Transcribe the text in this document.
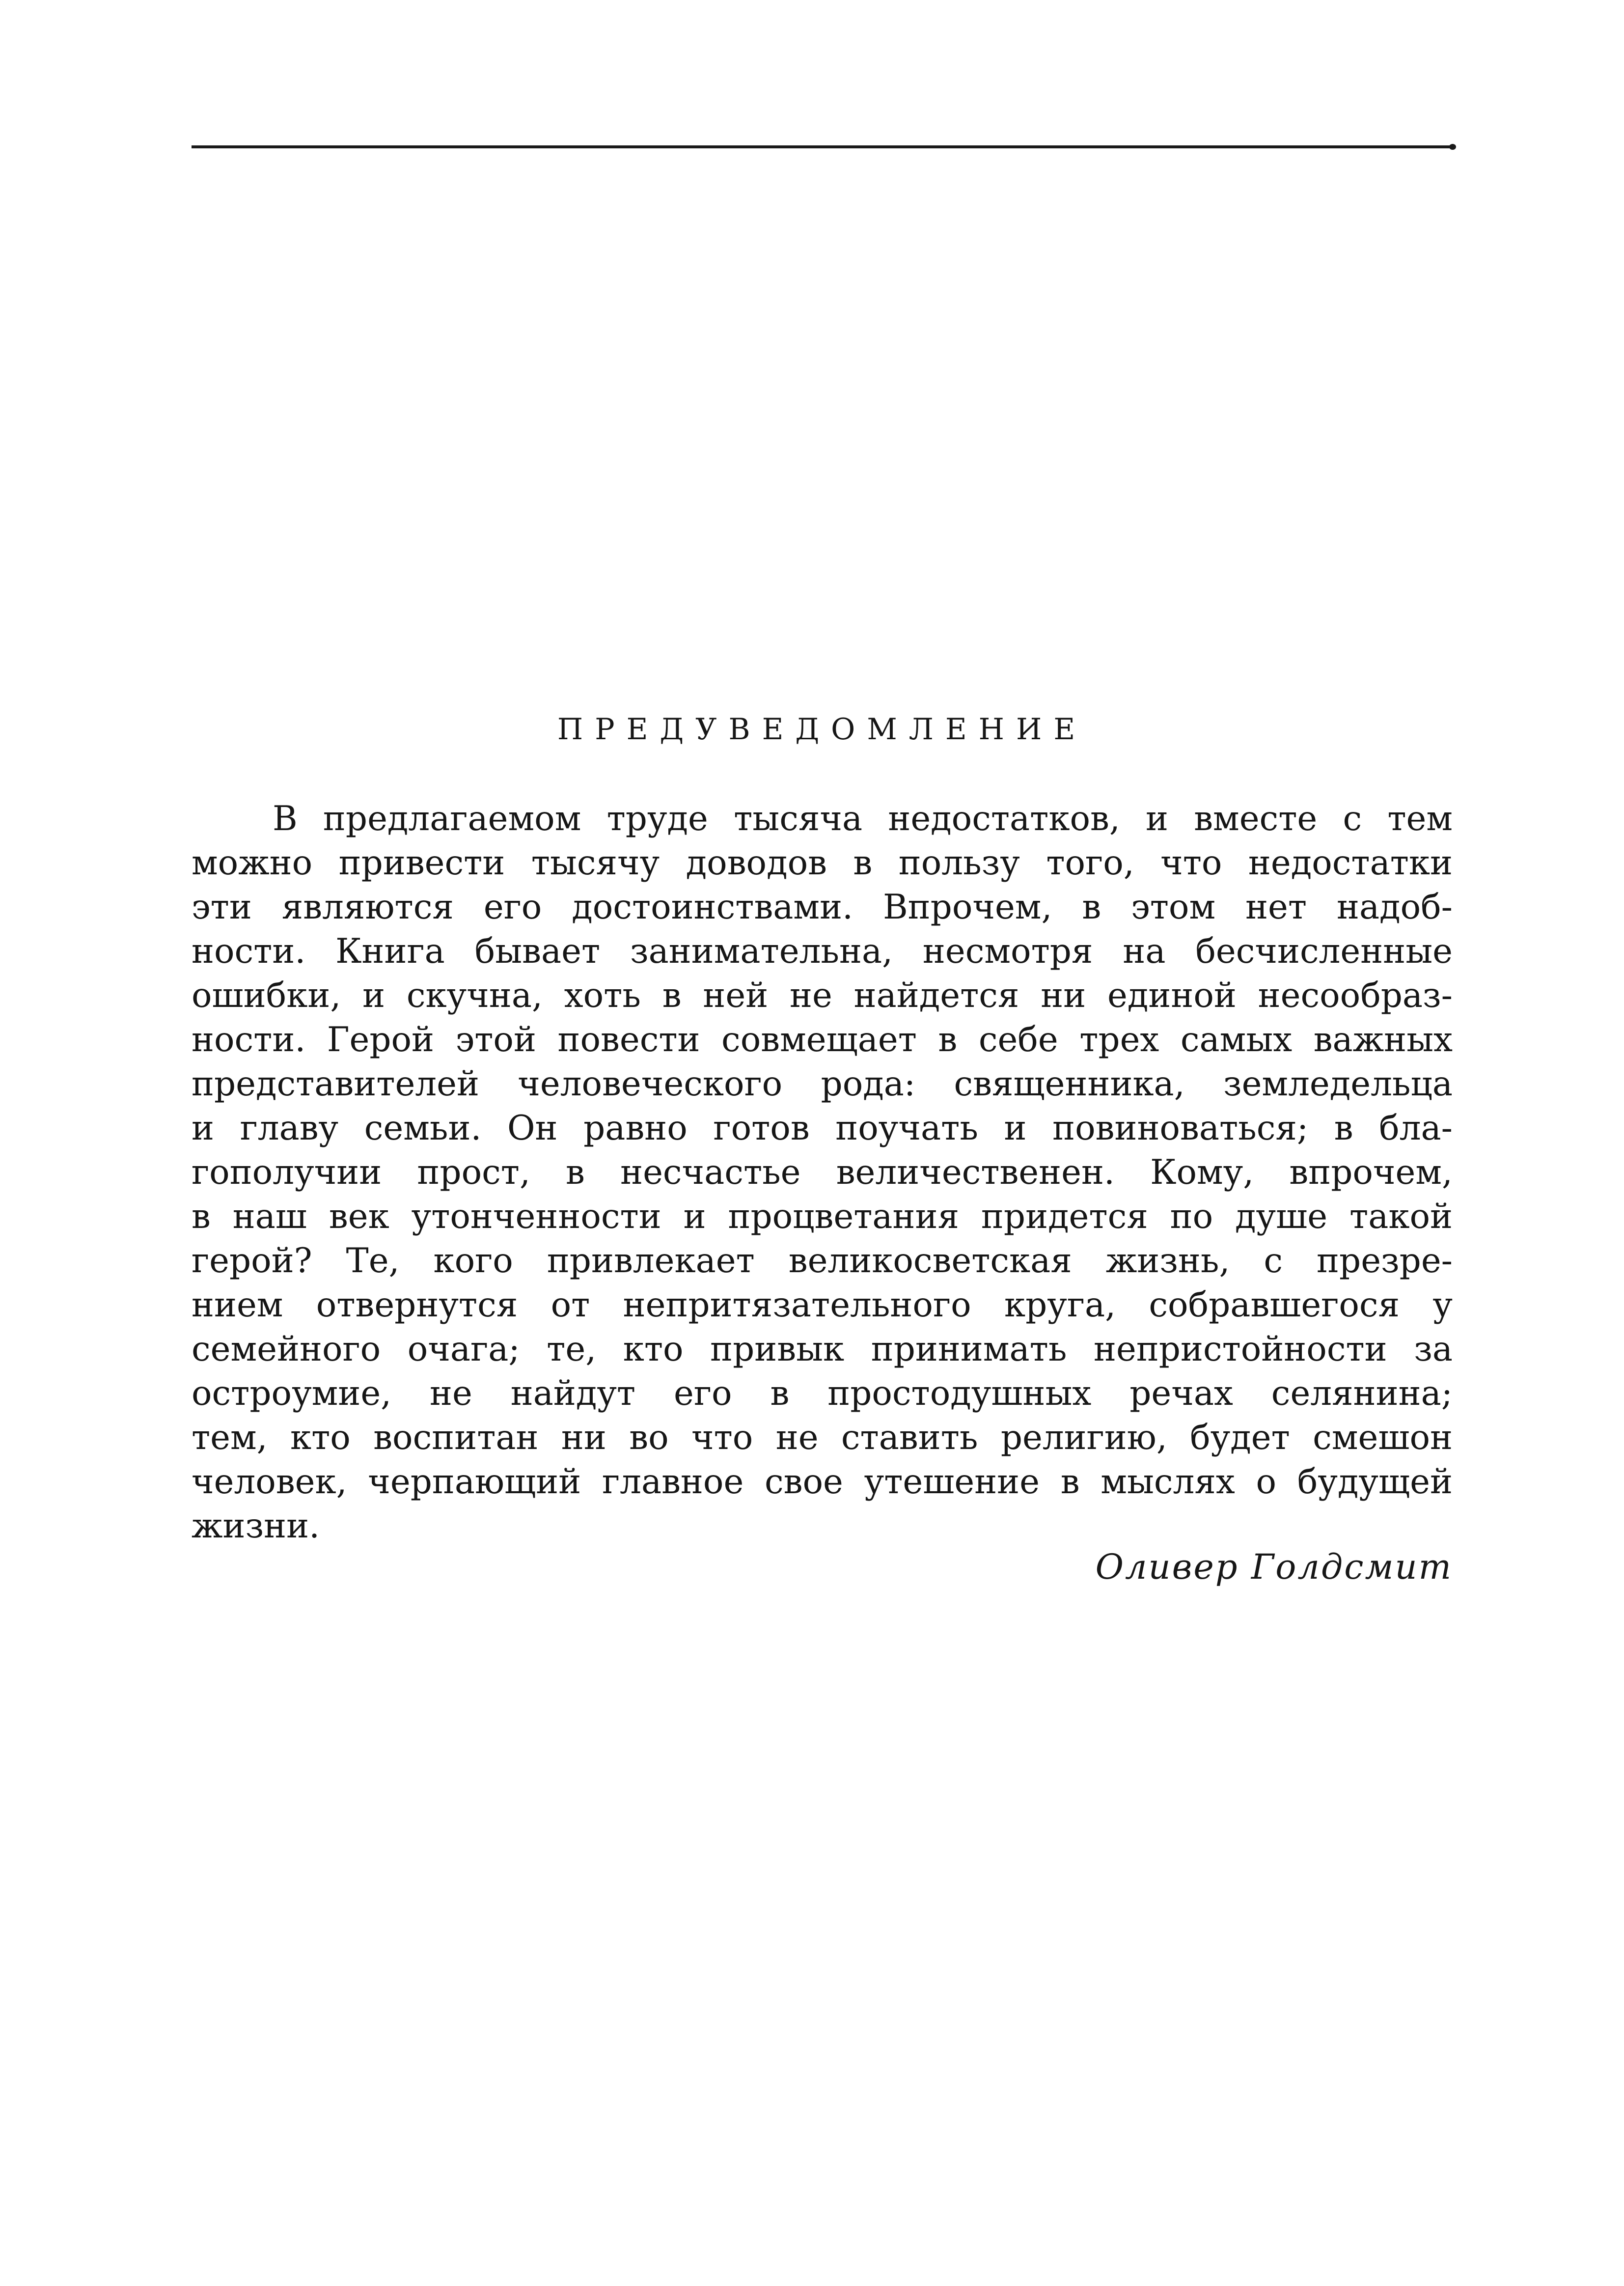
ПРЕДУВЕДОМЛЕНИЕ
В предлагаемом труде тысяча недостатков, и вместе с тем
можно привести тысячу доводов в пользу того, что недостатки
эти являются его достоинствами. Впрочем, в этом нет надоб-
ности. Книга бывает занимательна, несмотря на бесчисленные
ошибки, и скучна, хоть в ней не найдется ни единой несообраз-
ности. Герой этой повести совмещает в себе трех самых важных
представителей человеческого рода: священника, земледельца
и главу семьи. Он равно готов поучать и повиноваться; в бла-
гополучии прост, в несчастье величественен. Кому, впрочем,
в наш век утонченности и процветания придется по душе такой
герой? Те, кого привлекает великосветская жизнь, с презре-
нием отвернутся от непритязательного круга, собравшегося у
семейного очага; те, кто привык принимать непристойности за
остроумие, не найдут его в простодушных речах селянина;
тем, кто воспитан ни во что не ставить религию, будет смешон
человек, черпающий главное свое утешение в мыслях о будущей
жизни.
Оливер Голдсмит
